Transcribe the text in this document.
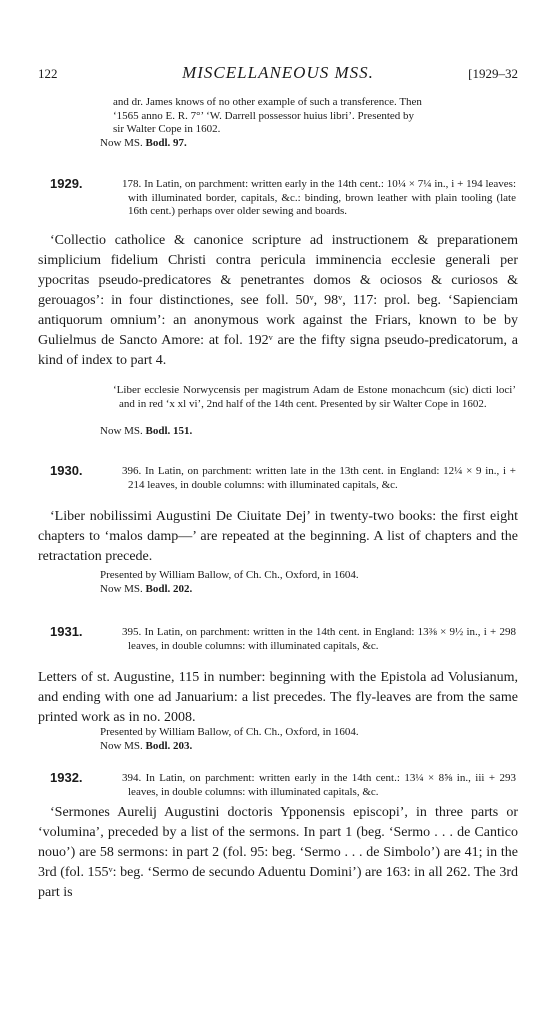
122	MISCELLANEOUS MSS.	[1929–32

and dr. James knows of no other example of such a transference. Then

‘1565 anno E. R. 7°’ ‘W. Darrell possessor huius libri’. Presented by

sir Walter Cope in 1602.

Now MS. Bodl. 97.
1929.	178. In Latin, on parchment: written early in the 14th cent.: 10¼ × 7¼ in., i + 194 leaves: with illuminated border, capitals, &c.: binding, brown leather with plain tooling (late 16th cent.) perhaps over older sewing and boards.

‘Collectio catholice & canonice scripture ad instructionem & preparationem simplicium fidelium Christi contra pericula imminencia ecclesie generali per ypocritas pseudo-predicatores & penetrantes domos & ociosos & curiosos & gerouagos’: in four distinctiones, see foll. 50ᵛ, 98ᵛ, 117: prol. beg. ‘Sapienciam antiquorum omnium’: an anonymous work against the Friars, known to be by Gulielmus de Sancto Amore: at fol. 192ᵛ are the fifty signa pseudo-predicatorum, a kind of index to part 4.

‘Liber ecclesie Norwycensis per magistrum Adam de Estone monachcum (sic) dicti loci’ and in red ‘x xl vi’, 2nd half of the 14th cent. Presented by sir Walter Cope in 1602.

Now MS. Bodl. 151.
1930.	396. In Latin, on parchment: written late in the 13th cent. in England: 12¼ × 9 in., i + 214 leaves, in double columns: with illuminated capitals, &c.

‘Liber nobilissimi Augustini De Ciuitate Dej’ in twenty-two books: the first eight chapters to ‘malos damp—’ are repeated at the beginning. A list of chapters and the retractation precede.

Presented by William Ballow, of Ch. Ch., Oxford, in 1604.
Now MS. Bodl. 202.
1931.	395. In Latin, on parchment: written in the 14th cent. in England: 13⅜ × 9½ in., i + 298 leaves, in double columns: with illuminated capitals, &c.

Letters of st. Augustine, 115 in number: beginning with the Epistola ad Volusianum, and ending with one ad Januarium: a list precedes. The fly-leaves are from the same printed work as in no. 2008.

Presented by William Ballow, of Ch. Ch., Oxford, in 1604.
Now MS. Bodl. 203.
1932.	394. In Latin, on parchment: written early in the 14th cent.: 13¼ × 8⅝ in., iii + 293 leaves, in double columns: with illuminated capitals, &c.

‘Sermones Aurelij Augustini doctoris Ypponensis episcopi’, in three parts or ‘volumina’, preceded by a list of the sermons. In part 1 (beg. ‘Sermo . . . de Cantico nouo’) are 58 sermons: in part 2 (fol. 95: beg. ‘Sermo . . . de Simbolo’) are 41; in the 3rd (fol. 155ᵛ: beg. ‘Sermo de secundo Aduentu Domini’) are 163: in all 262. The 3rd part is
